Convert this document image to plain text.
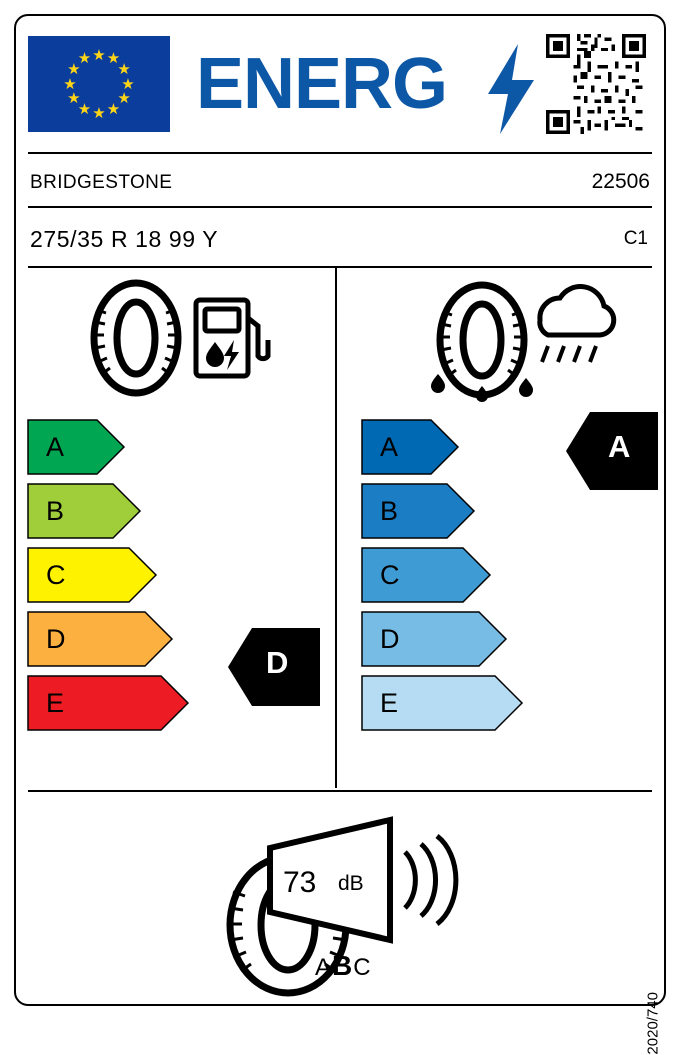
★ ★
★
★
★
★
★
★
★
★
★
★ ENERG
BRIDGESTONE	22506
275/35 R 18 99 Y	C1
A
B
C
D
E
D
A
B
C
D
E
A
73 dB
ABC
2020/740
